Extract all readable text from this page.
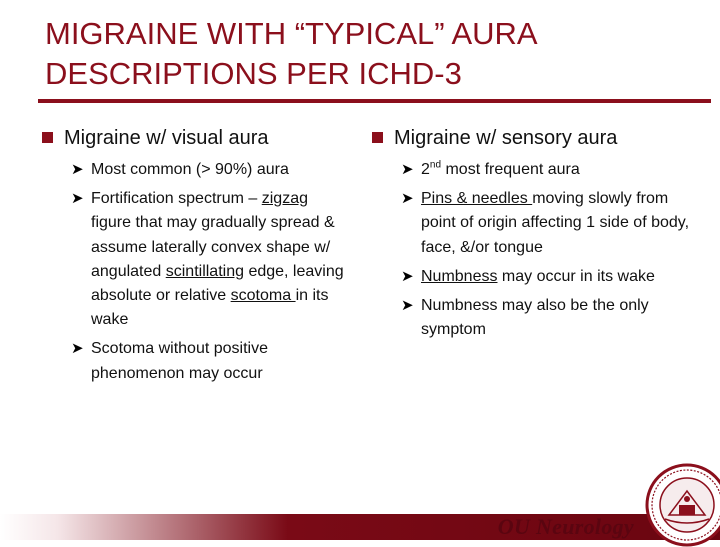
MIGRAINE WITH “TYPICAL” AURA
DESCRIPTIONS PER ICHD-3
Migraine w/ visual aura
➤ Most common (> 90%) aura
➤ Fortification spectrum – zigzag figure that may gradually spread & assume laterally convex shape w/ angulated scintillating edge, leaving absolute or relative scotoma in its wake
➤ Scotoma without positive phenomenon may occur
Migraine w/ sensory aura
➤ 2nd most frequent aura
➤ Pins & needles moving slowly from point of origin affecting 1 side of body, face, &/or tongue
➤ Numbness may occur in its wake
➤ Numbness may also be the only symptom
OU Neurology
